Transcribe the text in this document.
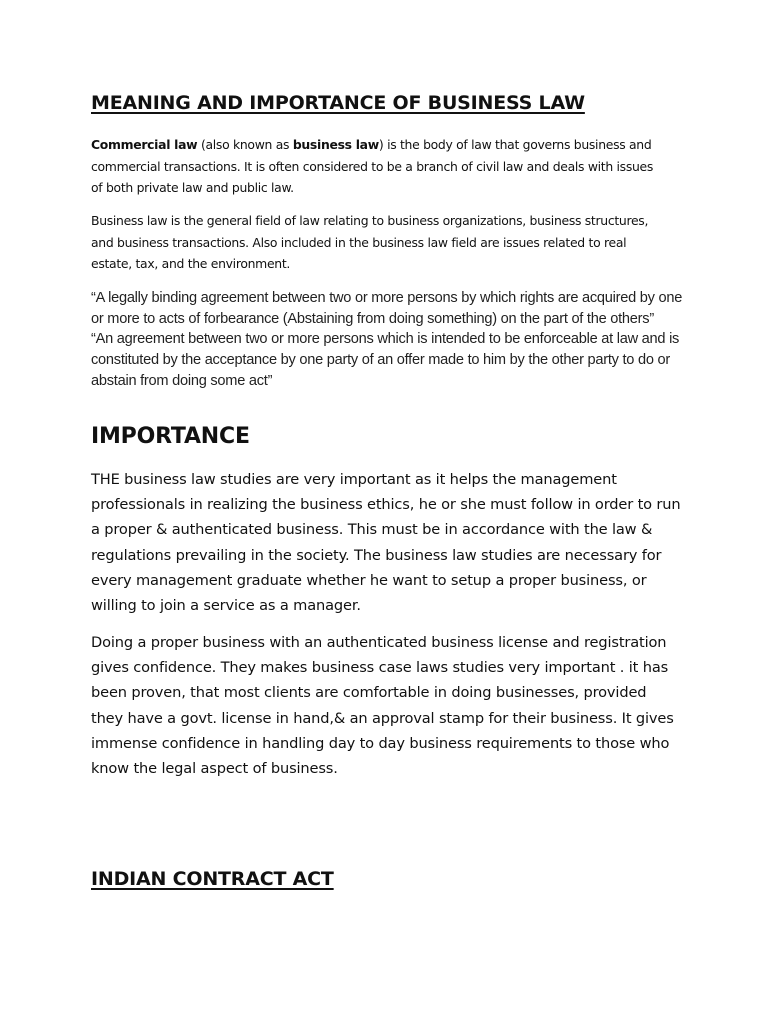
MEANING AND IMPORTANCE OF BUSINESS LAW

Commercial law (also known as business law) is the body of law that governs business and
commercial transactions. It is often considered to be a branch of civil law and deals with issues
of both private law and public law.

Business law is the general field of law relating to business organizations, business structures,
and business transactions. Also included in the business law field are issues related to real
estate, tax, and the environment.

“A legally binding agreement between two or more persons by which rights are acquired by one
or more to acts of forbearance (Abstaining from doing something) on the part of the others”

“An agreement between two or more persons which is intended to be enforceable at law and is
constituted by the acceptance by one party of an offer made to him by the other party to do or
abstain from doing some act”

IMPORTANCE

THE business law studies are very important as it helps the management
professionals in realizing the business ethics, he or she must follow in order to run
a proper & authenticated business. This must be in accordance with the law &
regulations prevailing in the society. The business law studies are necessary for
every management graduate whether he want to setup a proper business, or
willing to join a service as a manager.

Doing a proper business with an authenticated business license and registration
gives confidence. They makes business case laws studies very important . it has
been proven, that most clients are comfortable in doing businesses, provided
they have a govt. license in hand,& an approval stamp for their business. It gives
immense confidence in handling day to day business requirements to those who
know the legal aspect of business.

INDIAN CONTRACT ACT
